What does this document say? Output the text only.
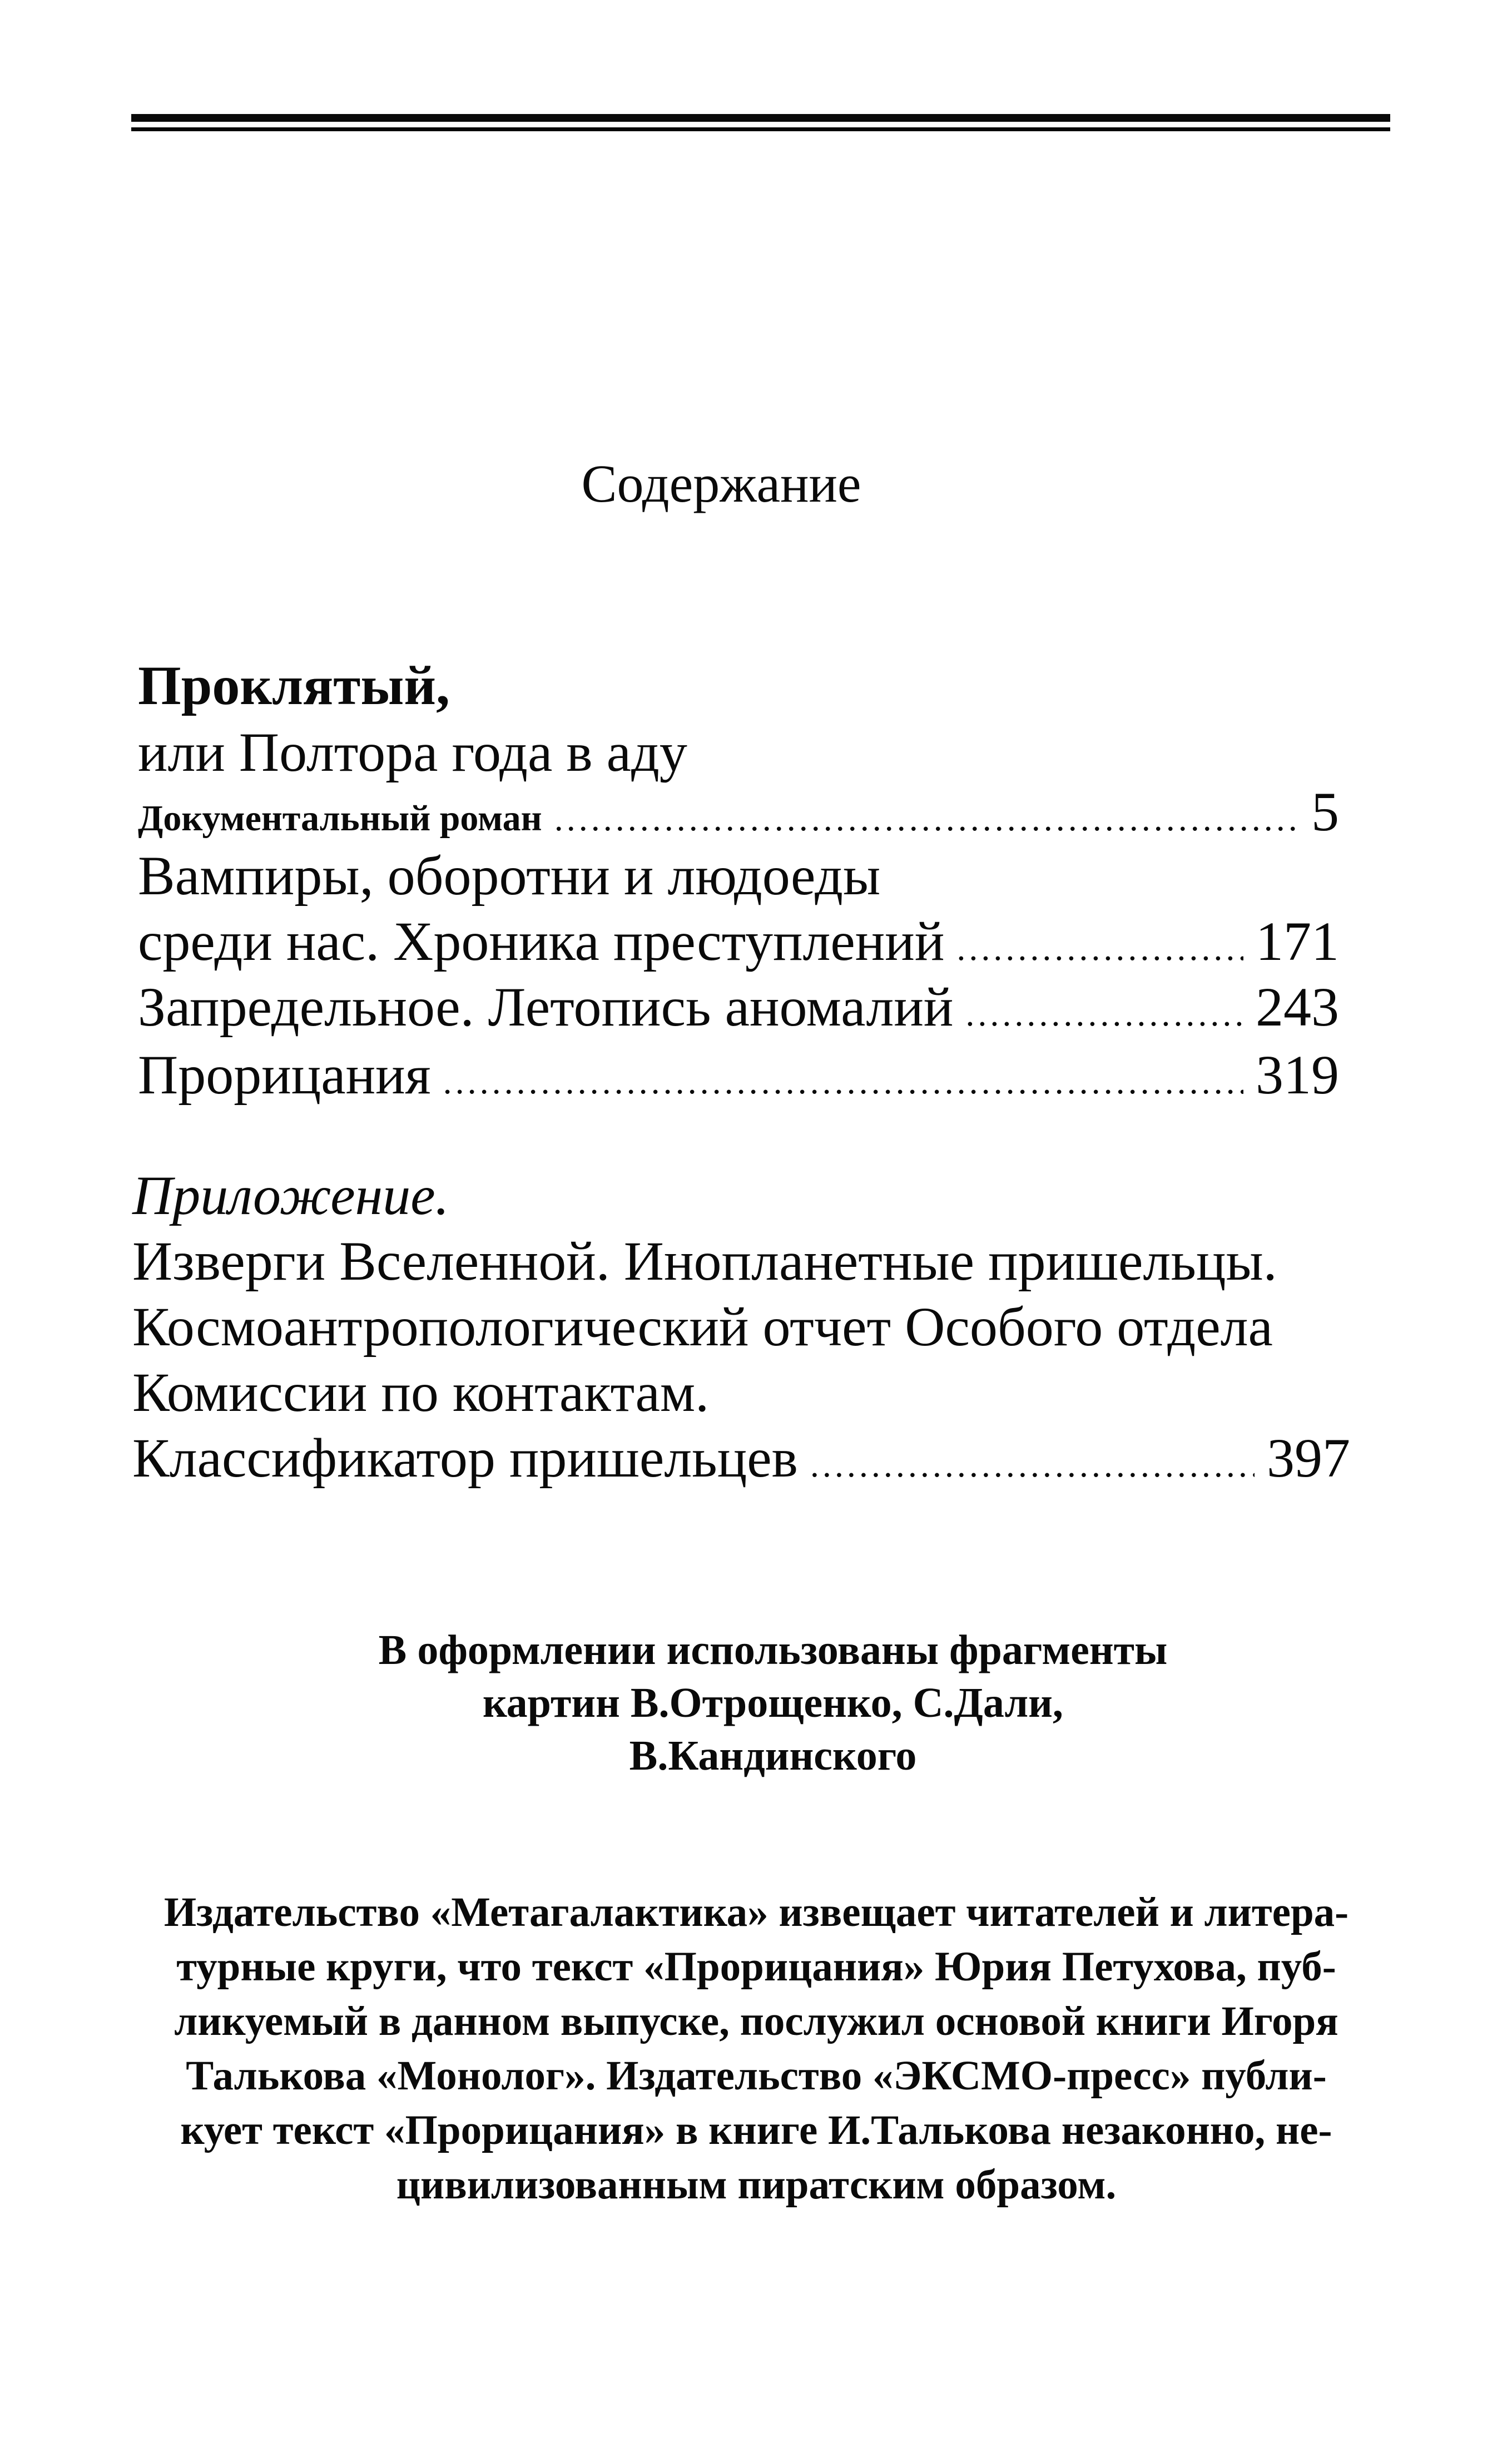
Содержание
Проклятый,
или Полтора года в аду
Документальный роман .....	5
Вампиры, оборотни и людоеды
среди нас. Хроника преступлений .....	171
Запредельное. Летопись аномалий .....	243
Прорицания .....	319
Приложение.
Изверги Вселенной. Инопланетные пришельцы.
Космоантропологический отчет Особого отдела
Комиссии по контактам.
Классификатор пришельцев .....	397
В оформлении использованы фрагменты
картин В.Отрощенко, С.Дали,
В.Кандинского
Издательство «Метагалактика» извещает читателей и литера-
турные круги, что текст «Прорицания» Юрия Петухова, пуб-
ликуемый в данном выпуске, послужил основой книги Игоря
Талькова «Монолог». Издательство «ЭКСМО-пресс» публи-
кует текст «Прорицания» в книге И.Талькова незаконно, не-
цивилизованным пиратским образом.
